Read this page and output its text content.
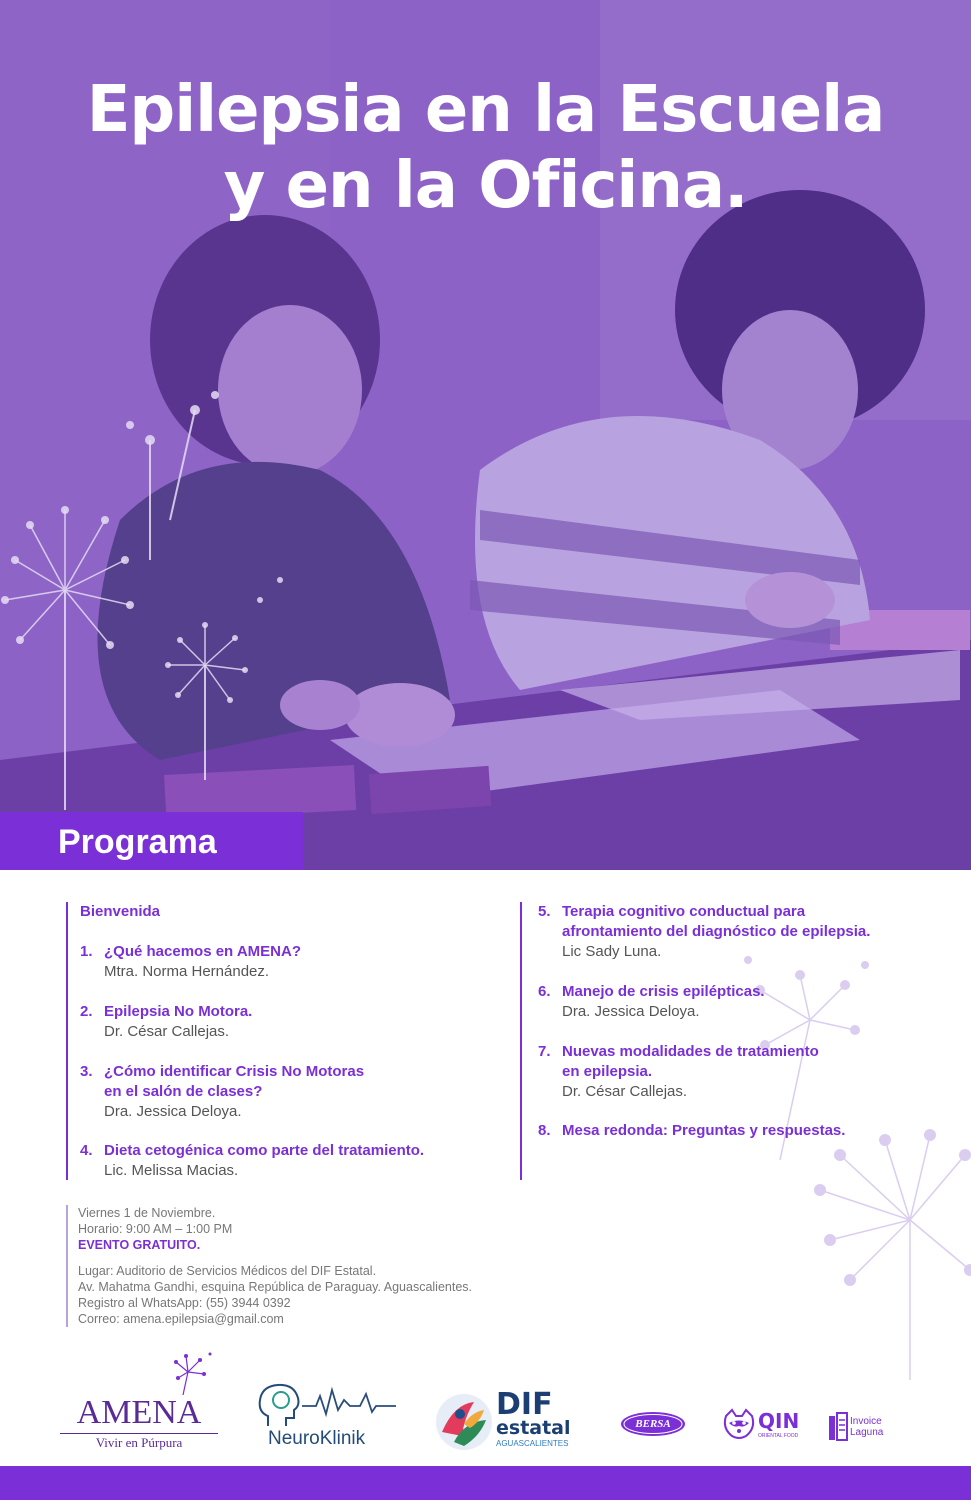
Epilepsia en la Escuela
y en la Oficina.
Programa
Bienvenida
1. ¿Qué hacemos en AMENA?
Mtra. Norma Hernández.
2. Epilepsia No Motora.
Dr. César Callejas.
3. ¿Cómo identificar Crisis No Motoras
en el salón de clases?
Dra. Jessica Deloya.
4. Dieta cetogénica como parte del tratamiento.
Lic. Melissa Macias.
5. Terapia cognitivo conductual para
afrontamiento del diagnóstico de epilepsia.
Lic Sady Luna.
6. Manejo de crisis epilépticas.
Dra. Jessica Deloya.
7. Nuevas modalidades de tratamiento
en epilepsia.
Dr. César Callejas.
8. Mesa redonda: Preguntas y respuestas.
Viernes 1 de Noviembre.
Horario: 9:00 AM – 1:00 PM
EVENTO GRATUITO.
Lugar: Auditorio de Servicios Médicos del DIF Estatal.
Av. Mahatma Gandhi, esquina República de Paraguay. Aguascalientes.
Registro al WhatsApp: (55) 3944 0392
Correo: amena.epilepsia@gmail.com
AMENA
Vivir en Púrpura	NeuroKlinik
DIF
estatal
AGUASCALIENTES
BERSA	QIN
ORIENTAL FOOD
Invoice
Laguna
